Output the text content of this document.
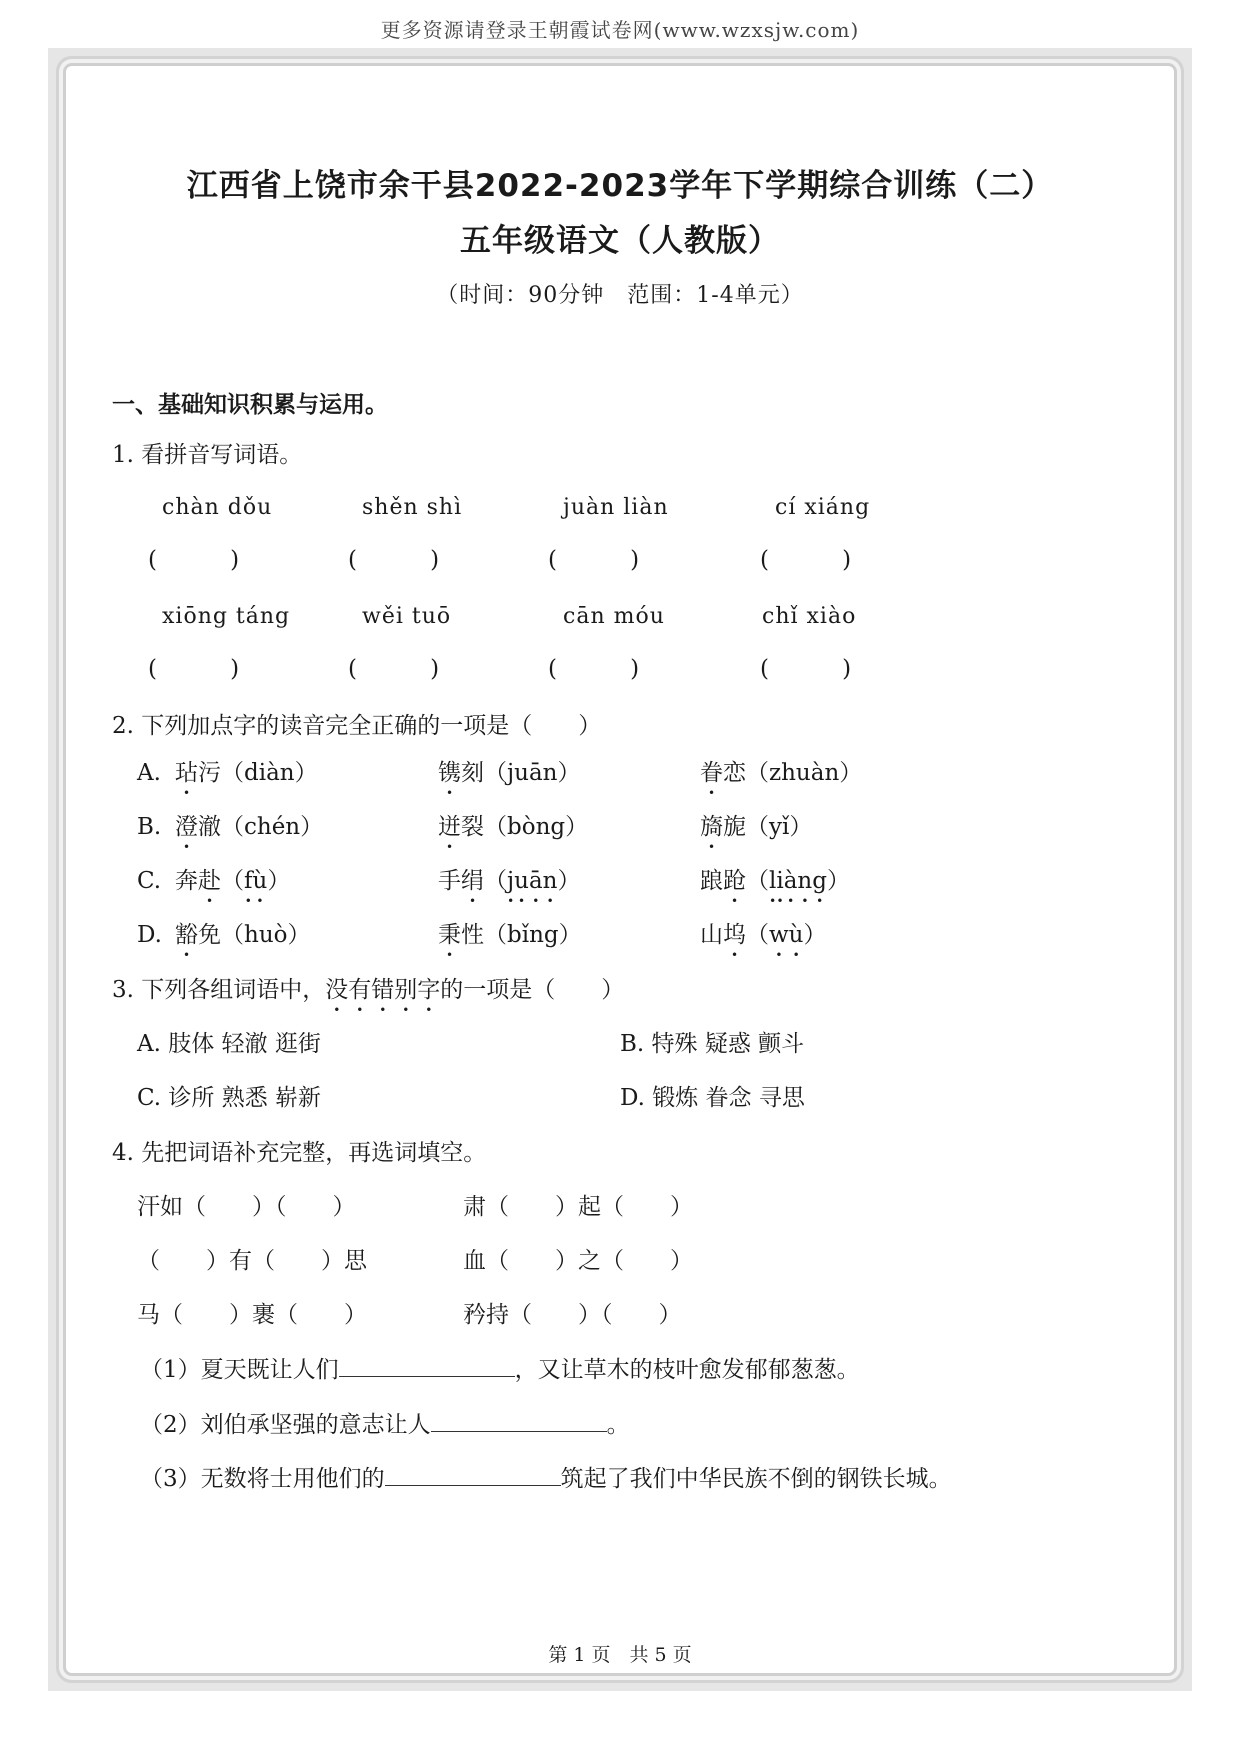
更多资源请登录王朝霞试卷网(www.wzxsjw.com)
江西省上饶市余干县2022-2023学年下学期综合训练（二）
五年级语文（人教版）
（时间：90分钟　范围：1-4单元）
一、基础知识积累与运用。
1. 看拼音写词语。
chàn dǒu	shěn shì	juàn liàn	cí xiáng
(          )	(          )	(          )	(          )
xiōng táng	wěi tuō	cān móu	chǐ xiào
(          )	(          )	(          )	(          )
2. 下列加点字的读音完全正确的一项是（　　）
A. 玷污（diàn）	镌刻（juān）	眷恋（zhuàn）
B. 澄澈（chén）	迸裂（bòng）	旖旎（yǐ）
C. 奔赴（fù）	手绢（juān）	踉跄（liàng）
D. 豁免（huò）	秉性（bǐng）	山坞（wù）
3. 下列各组词语中，没有错别字的一项是（　　）
A. 肢体 轻澈 逛街	B. 特殊 疑惑 颤斗
C. 诊所 熟悉 崭新	D. 锻炼 眷念 寻思
4. 先把词语补充完整，再选词填空。
汗如（　　）（　　）	肃（　　）起（　　）
（　　）有（　　）思	血（　　）之（　　）
马（　　）裹（　　）	矜持（　　）（　　）
（1）夏天既让人们	，又让草木的枝叶愈发郁郁葱葱。
（2）刘伯承坚强的意志让人	。
（3）无数将士用他们的	筑起了我们中华民族不倒的钢铁长城。
第 1 页　共 5 页
